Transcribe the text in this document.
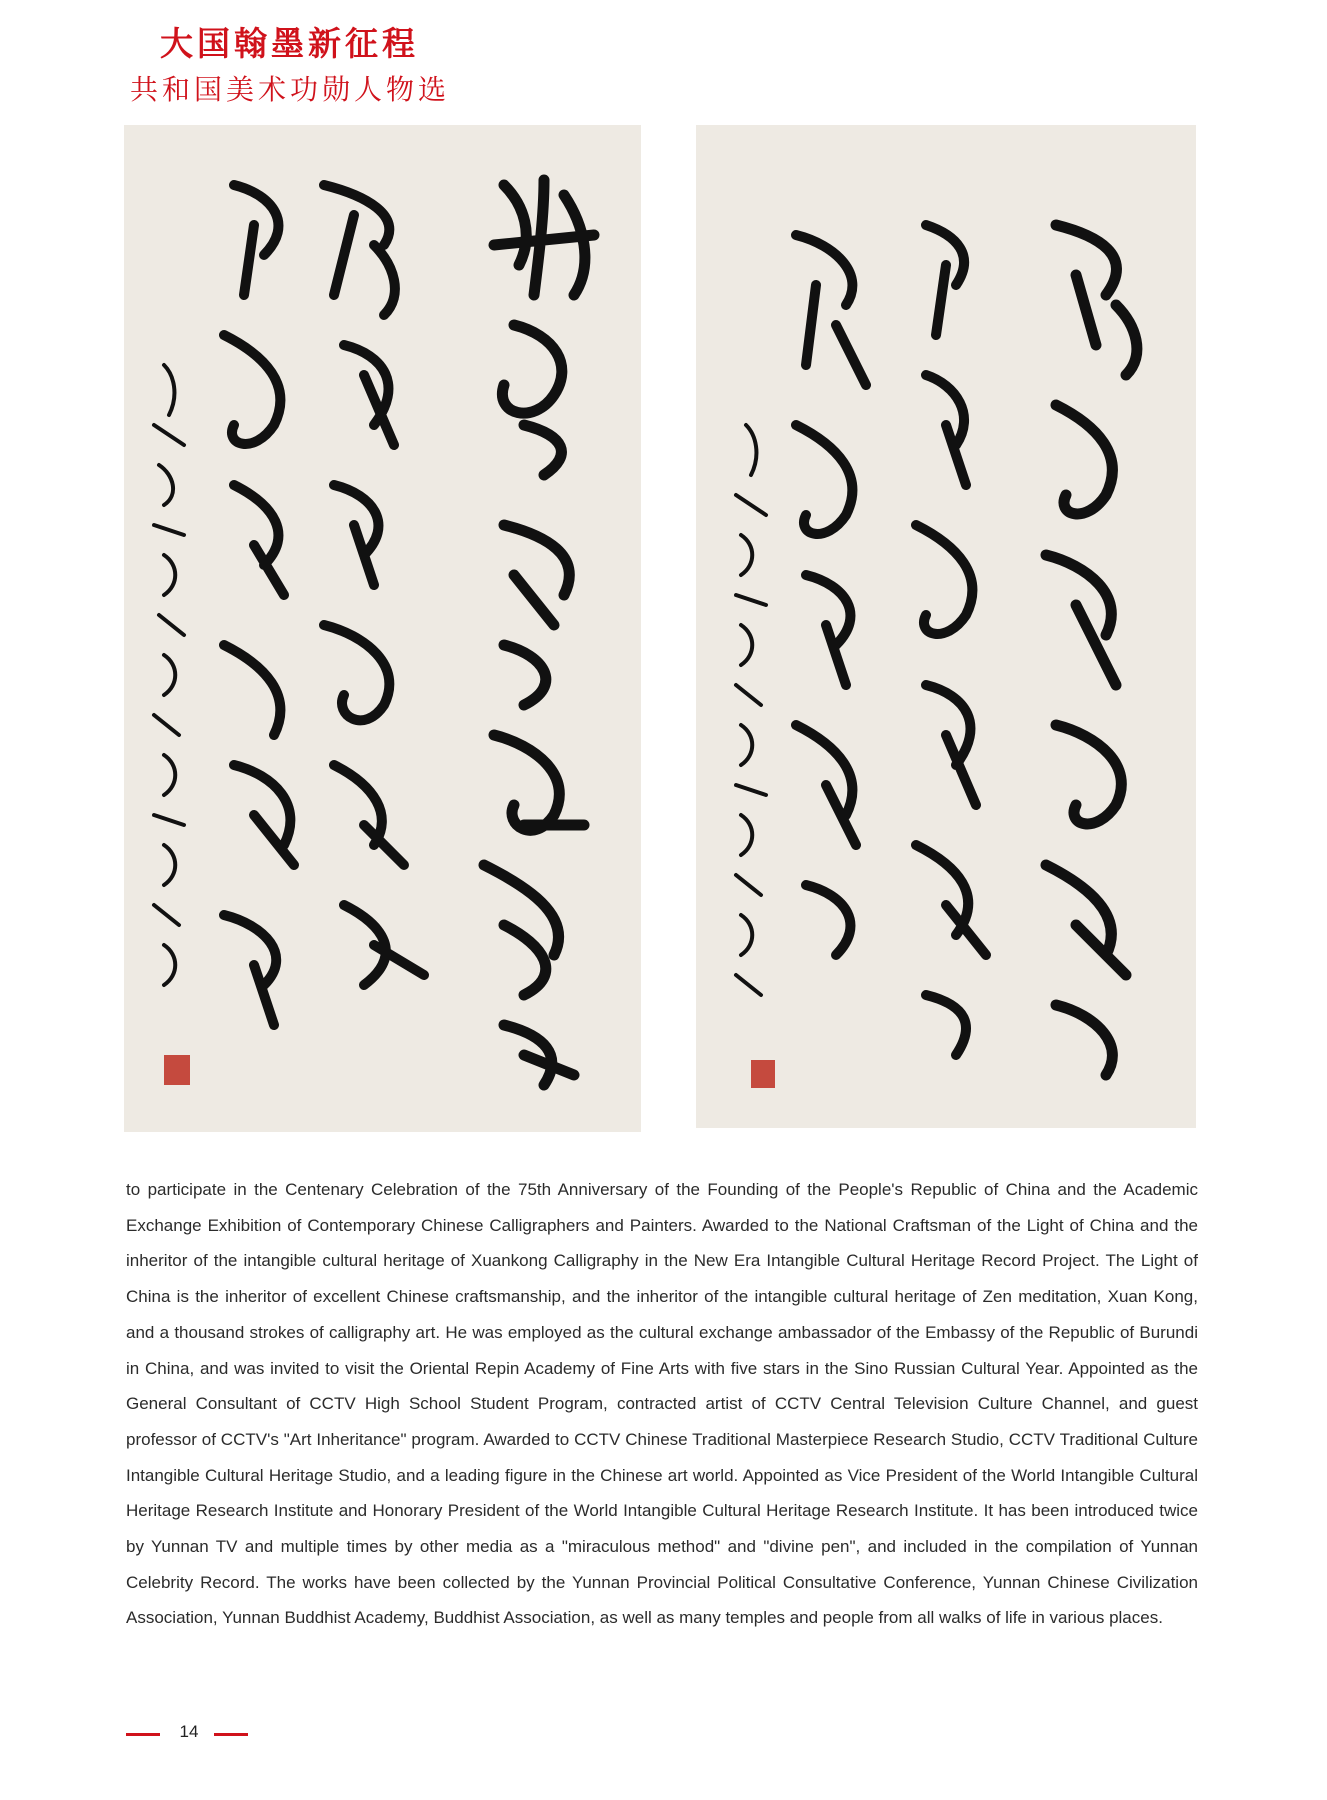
大国翰墨新征程
共和国美术功勋人物选

to participate in the Centenary Celebration of the 75th Anniversary of the Founding of the People's Republic of China and the Academic Exchange Exhibition of Contemporary Chinese Calligraphers and Painters. Awarded to the National Craftsman of the Light of China and the inheritor of the intangible cultural heritage of Xuankong Calligraphy in the New Era Intangible Cultural Heritage Record Project. The Light of China is the inheritor of excellent Chinese craftsmanship, and the inheritor of the intangible cultural heritage of Zen meditation, Xuan Kong, and a thousand strokes of calligraphy art. He was employed as the cultural exchange ambassador of the Embassy of the Republic of Burundi in China, and was invited to visit the Oriental Repin Academy of Fine Arts with five stars in the Sino Russian Cultural Year. Appointed as the General Consultant of CCTV High School Student Program, contracted artist of CCTV Central Television Culture Channel, and guest professor of CCTV's "Art Inheritance" program. Awarded to CCTV Chinese Traditional Masterpiece Research Studio, CCTV Traditional Culture Intangible Cultural Heritage Studio, and a leading figure in the Chinese art world. Appointed as Vice President of the World Intangible Cultural Heritage Research Institute and Honorary President of the World Intangible Cultural Heritage Research Institute. It has been introduced twice by Yunnan TV and multiple times by other media as a "miraculous method" and "divine pen", and included in the compilation of Yunnan Celebrity Record. The works have been collected by the Yunnan Provincial Political Consultative Conference, Yunnan Chinese Civilization Association, Yunnan Buddhist Academy, Buddhist Association, as well as many temples and people from all walks of life in various places.

14
